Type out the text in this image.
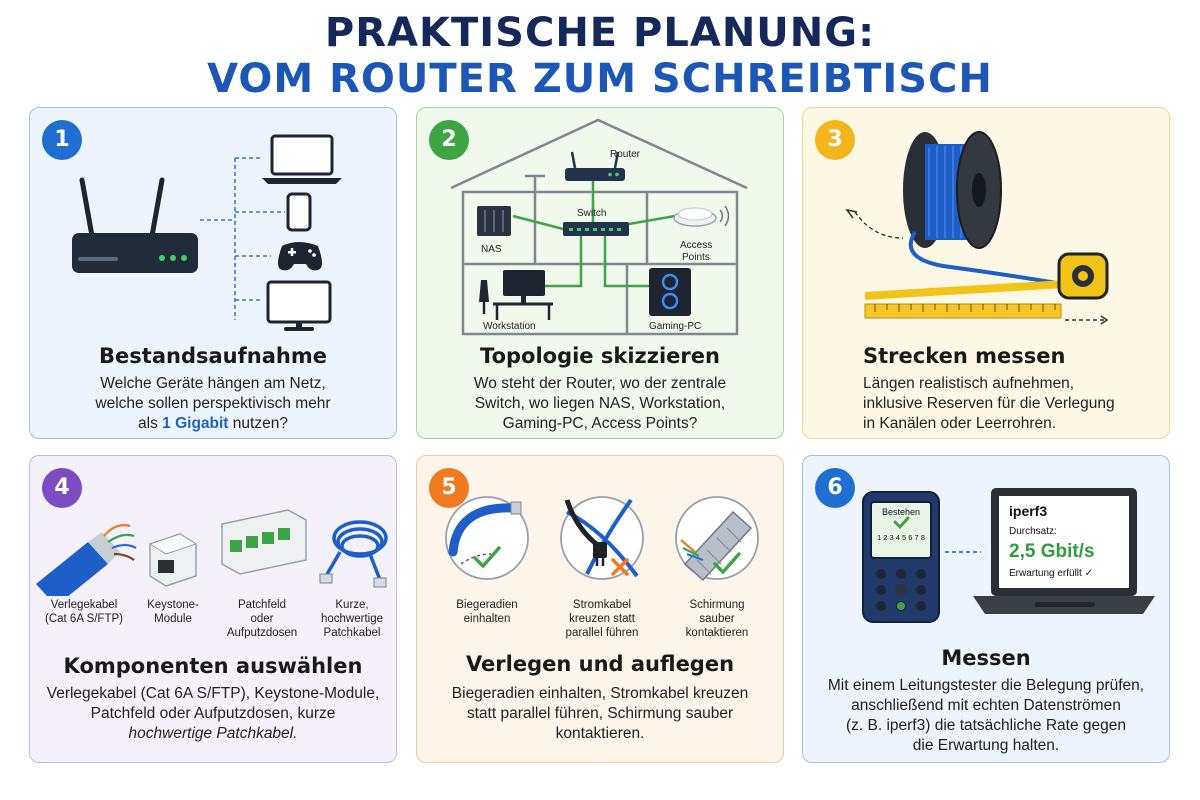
PRAKTISCHE PLANUNG:
VOM ROUTER ZUM SCHREIBTISCH
1
Bestandsaufnahme
Welche Geräte hängen am Netz,
welche sollen perspektivisch mehr
als 1 Gigabit nutzen?
2
Router
Switch
NAS	Access
Points
Workstation	Gaming-PC
Topologie skizzieren
Wo steht der Router, wo der zentrale
Switch, wo liegen NAS, Workstation,
Gaming-PC, Access Points?
3
Strecken messen
Längen realistisch aufnehmen,
inklusive Reserven für die Verlegung
in Kanälen oder Leerrohren.
4
Verlegekabel
(Cat 6A S/FTP)
Keystone-
Module
Patchfeld
oder
Aufputzdosen
Kurze,
hochwertige
Patchkabel
Komponenten auswählen
Verlegekabel (Cat 6A S/FTP), Keystone-Module,
Patchfeld oder Aufputzdosen, kurze
hochwertige Patchkabel.
5
Biegeradien
einhalten
Stromkabel
kreuzen statt
parallel führen
Schirmung
sauber
kontaktieren
Verlegen und auflegen
Biegeradien einhalten, Stromkabel kreuzen
statt parallel führen, Schirmung sauber
kontaktieren.
6
Bestehen
1 2 3 4 5 6 7 8
iperf3
Durchsatz:
2,5 Gbit/s
Erwartung erfüllt ✓
Messen
Mit einem Leitungstester die Belegung prüfen,
anschließend mit echten Datenströmen
(z. B. iperf3) die tatsächliche Rate gegen
die Erwartung halten.
